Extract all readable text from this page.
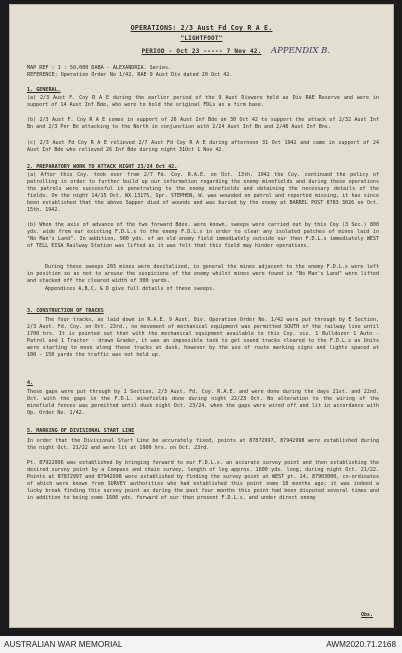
OPERATIONS: 2/3 Aust Fd Coy R A E.
"LIGHTFOOT"
APPENDIX B.
PERIOD - Oct 23 ----- 7 Nov 42.
MAP REF : 1 : 50,000 DABA - ALEXANDRIA. Series.
REFERENCE: Operation Order No 1/42, RAE 9 Aust Div dated 20 Oct 42.
1. GENERAL.
(a) 2/3 Aust F. Coy R A E during the earlier period of the 9 Aust Divwere held as Div RAE Reserve and were in support of 14 Aust Inf Bde, who were to hold the original FDLs as a firm base.
(b) 2/3 Aust F. Coy R A E comes in support of 26 Aust Inf Bde on 30 Oct 42 to support the attack of 2/32 Aust Inf Bn and 2/3 Pnr Bn attacking to the North in conjunction with 2/24 Aust Inf Bn and 2/48 Aust Inf Bns.
(c) 2/3 Aust Fd Coy R A E relieved 2/7 Aust Fd Coy R A E during afternoon 31 Oct 1942 and came in support of 24 Aust Inf Bde who relieved 26 Inf Bde during night 31Oct 1 Nov 42.
2. PREPARATORY WORK TO ATTACK NIGHT 23/24 Oct 42.
(a) After this Coy. took over from 2/7 Fd. Coy. R.A.E. on Oct. 13th. 1942 the Coy. continued the policy of patrolling in order to further build up our information regarding the enemy minefields and during these operations the patrols were successful in penetrating to the enemy minefields and obtaining the necessary details of the fields. On the night 14/15 Oct. WX.13175, Spr. STEPHEN, W. was wounded on patrol and reported missing, it has since been established that the above Sapper died of wounds and was buried by the enemy at BARREL POST 8783 3026 on Oct. 15th. 1942.
(b) When the axis of advance of the two forward Bdes. were known, sweeps were carried out by this Coy (3 Sec.) 800 yds. wide from our existing F.D.L.s to the enemy F.D.L.s in order to clear any isolated patches of mines laid in "No Man's Land". In addition, 900 yds. of an old enemy field immediately outside our then F.D.L.s immediately WEST of TELL EISA Railway Station was lifted as it was felt that this field may hinder operations.
During these sweeps 203 mines were devitalized, in general the mines adjacent to the enemy F.D.L.s were left in position so as not to arouse the suspicions of the enemy whilst mines were found in "No Man's Land" were lifted and stacked off the cleared width of 300 yards.
Appendices A,B,C, & D give full details of these sweeps.
3. CONSTRUCTION OF TRACKS
The four tracks, as laid down in R.A.E. 9 Aust. Div. Operation Order No. 1/42 were put through by E Section, 2/3 Aust. Fd. Coy. on Oct. 23rd., no movement of mechanical equipment was permitted SOUTH of the railway line until 1700 hrs. It is pointed out that with the mechanical equipment available to this Coy. viz. 1 Bulldozer 1 Auto - Patrol and 1 Tractor - drawn Grader, it was an impossible task to get sound tracks cleared to the F.D.L.s as Units were starting to move along these tracks at dusk, however by the use of route marking signs and lights spaced at 100 - 150 yards the traffic was not held up.
4.
These gaps were put through by 1 Section, 2/3 Aust. Fd. Coy. R.A.E. and were done during the days 21st. and 22nd. Oct. with the gaps in the F.D.L. minefields done during night 22/23 Oct. No alteration to the wiring of the minefield fences was permitted until dusk night Oct. 23/24. when the gaps were wired off and lit in accordance with Op. Order No. 1/42.
5. MARKING OF DIVISIONAL START LINE
In order that the Divisional Start Line be accurately fixed, points at 87872997, 87942998 were established during the night Oct. 21/22 and were lit at 1900 hrs. on Oct. 23rd.
Pt. 87922996 was established by bringing forward to our F.D.L.s. an accurate survey point and then establishing the desired survey point by a Compass and chain survey, length of leg approx. 1600 yds. long, during night Oct. 21/22. Points at 87872997 and 87942998 were established by finding the survey point at WEST pt. 24, 87903000, co-ordinates of which were known from SURVEY authorities who had established this point some 18 months ago; it was indeed a lucky break finding this survey point as during the past four months this point had been disputed several times and in addition to being some 1600 yds. forward of our then present F.D.L.s. and under direct enemy
Obs.
AUSTRALIAN WAR MEMORIAL	AWM2020.71.2168
